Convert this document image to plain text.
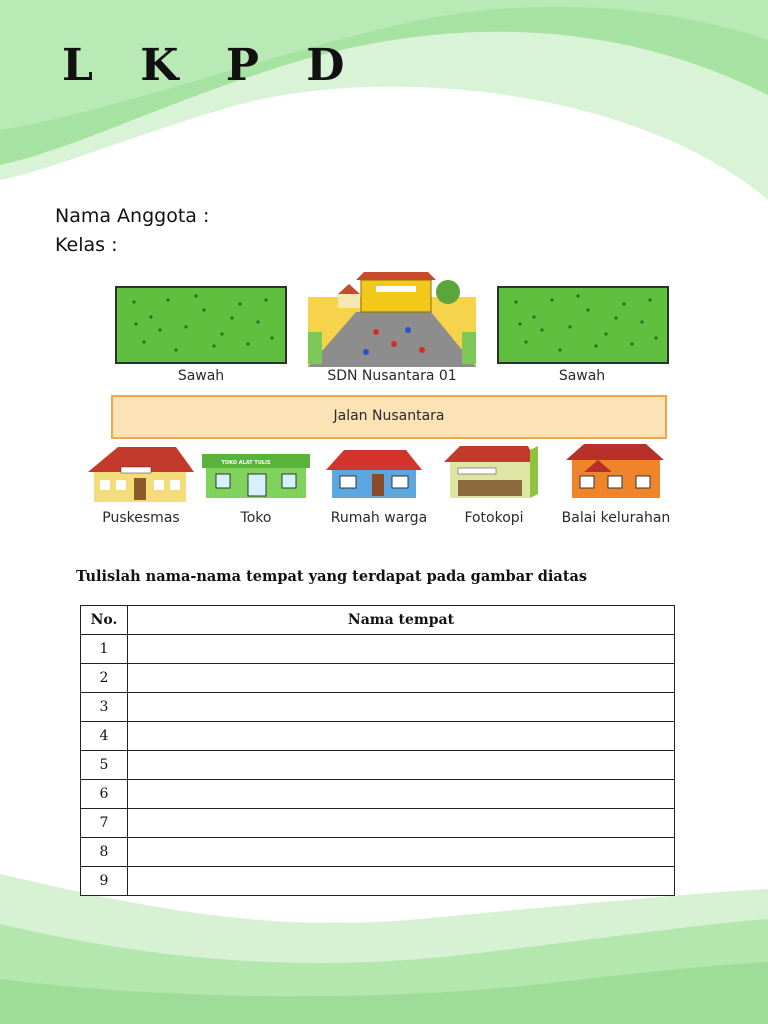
L K P D
Nama Anggota :
Kelas :
TOKO ALAT TULIS
Sawah	SDN Nusantara 01	Sawah
Jalan Nusantara
Puskesmas	Toko	Rumah warga	Fotokopi	Balai kelurahan

Tulislah nama-nama tempat yang terdapat pada gambar diatas

No.	Nama tempat
1	
2	
3	
4	
5	
6	
7	
8	
9	
